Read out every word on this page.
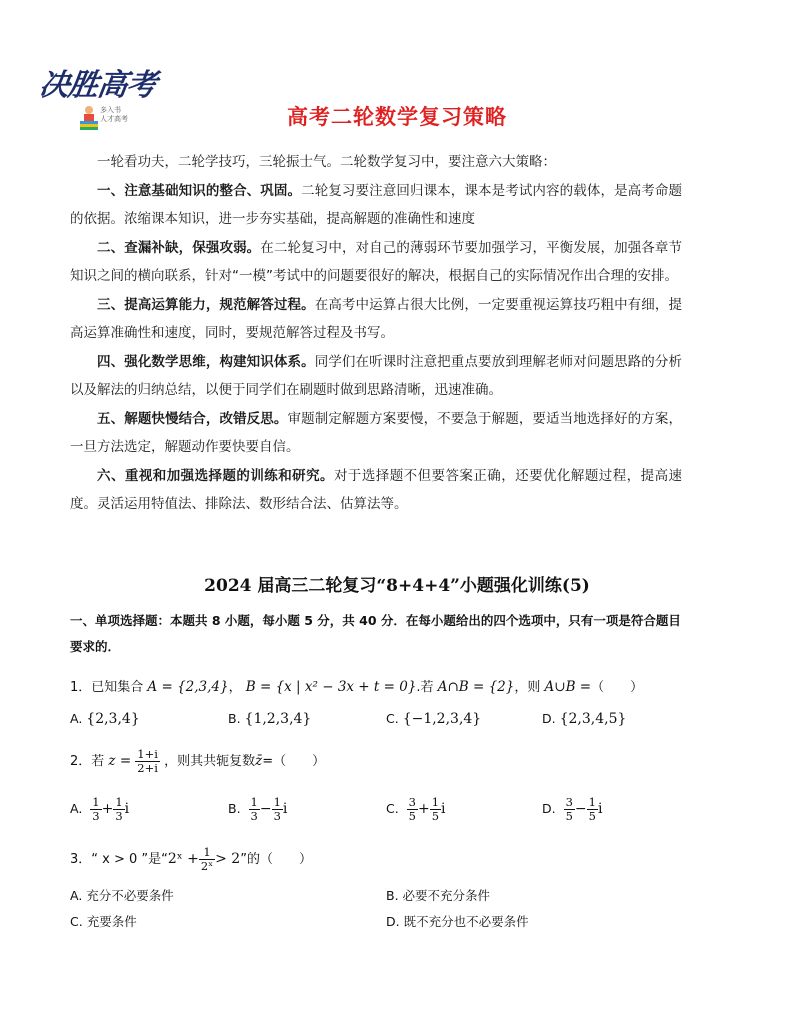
决胜高考
多入书
人才高考	高考二轮数学复习策略

一轮看功夫，二轮学技巧，三轮振士气。二轮数学复习中，要注意六大策略：

一、注意基础知识的整合、巩固。二轮复习要注意回归课本，课本是考试内容的载体，是高考命题的依据。浓缩课本知识，进一步夯实基础，提高解题的准确性和速度

二、查漏补缺，保强攻弱。在二轮复习中，对自己的薄弱环节要加强学习，平衡发展，加强各章节知识之间的横向联系，针对“一模”考试中的问题要很好的解决，根据自己的实际情况作出合理的安排。

三、提高运算能力，规范解答过程。在高考中运算占很大比例，一定要重视运算技巧粗中有细，提高运算准确性和速度，同时，要规范解答过程及书写。

四、强化数学思维，构建知识体系。同学们在听课时注意把重点要放到理解老师对问题思路的分析以及解法的归纳总结，以便于同学们在刷题时做到思路清晰，迅速准确。

五、解题快慢结合，改错反思。审题制定解题方案要慢，不要急于解题，要适当地选择好的方案，一旦方法选定，解题动作要快要自信。

六、重视和加强选择题的训练和研究。对于选择题不但要答案正确，还要优化解题过程，提高速度。灵活运用特值法、排除法、数形结合法、估算法等。

2024 届高三二轮复习“8+4+4”小题强化训练(5)
一、单项选择题：本题共 8 小题，每小题 5 分，共 40 分．在每小题给出的四个选项中，只有一项是符合题目要求的．
1．已知集合 A = {2,3,4}， B = {x | x² − 3x + t = 0}.若 A∩B = {2}，则 A∪B =（　　）
A. {2,3,4}	B. {1,2,3,4}	C. {−1,2,3,4}	D. {2,3,4,5}
2．若 $z = \frac{1+i}{2+i}$ ，则其共轭复数z̄=（　　）
A. $\frac{1}{3} + \frac{1}{3}$ i	B. $\frac{1}{3} - \frac{1}{3}$ i	C. $\frac{3}{5} + \frac{1}{5}$ i	D. $\frac{3}{5} - \frac{1}{5}$ i
3．“ x > 0 ”是“2ˣ + $\frac{1}{\text{2ˣ}} > 2$”的（　　）
A. 充分不必要条件	B. 必要不充分条件
C. 充要条件	D. 既不充分也不必要条件
